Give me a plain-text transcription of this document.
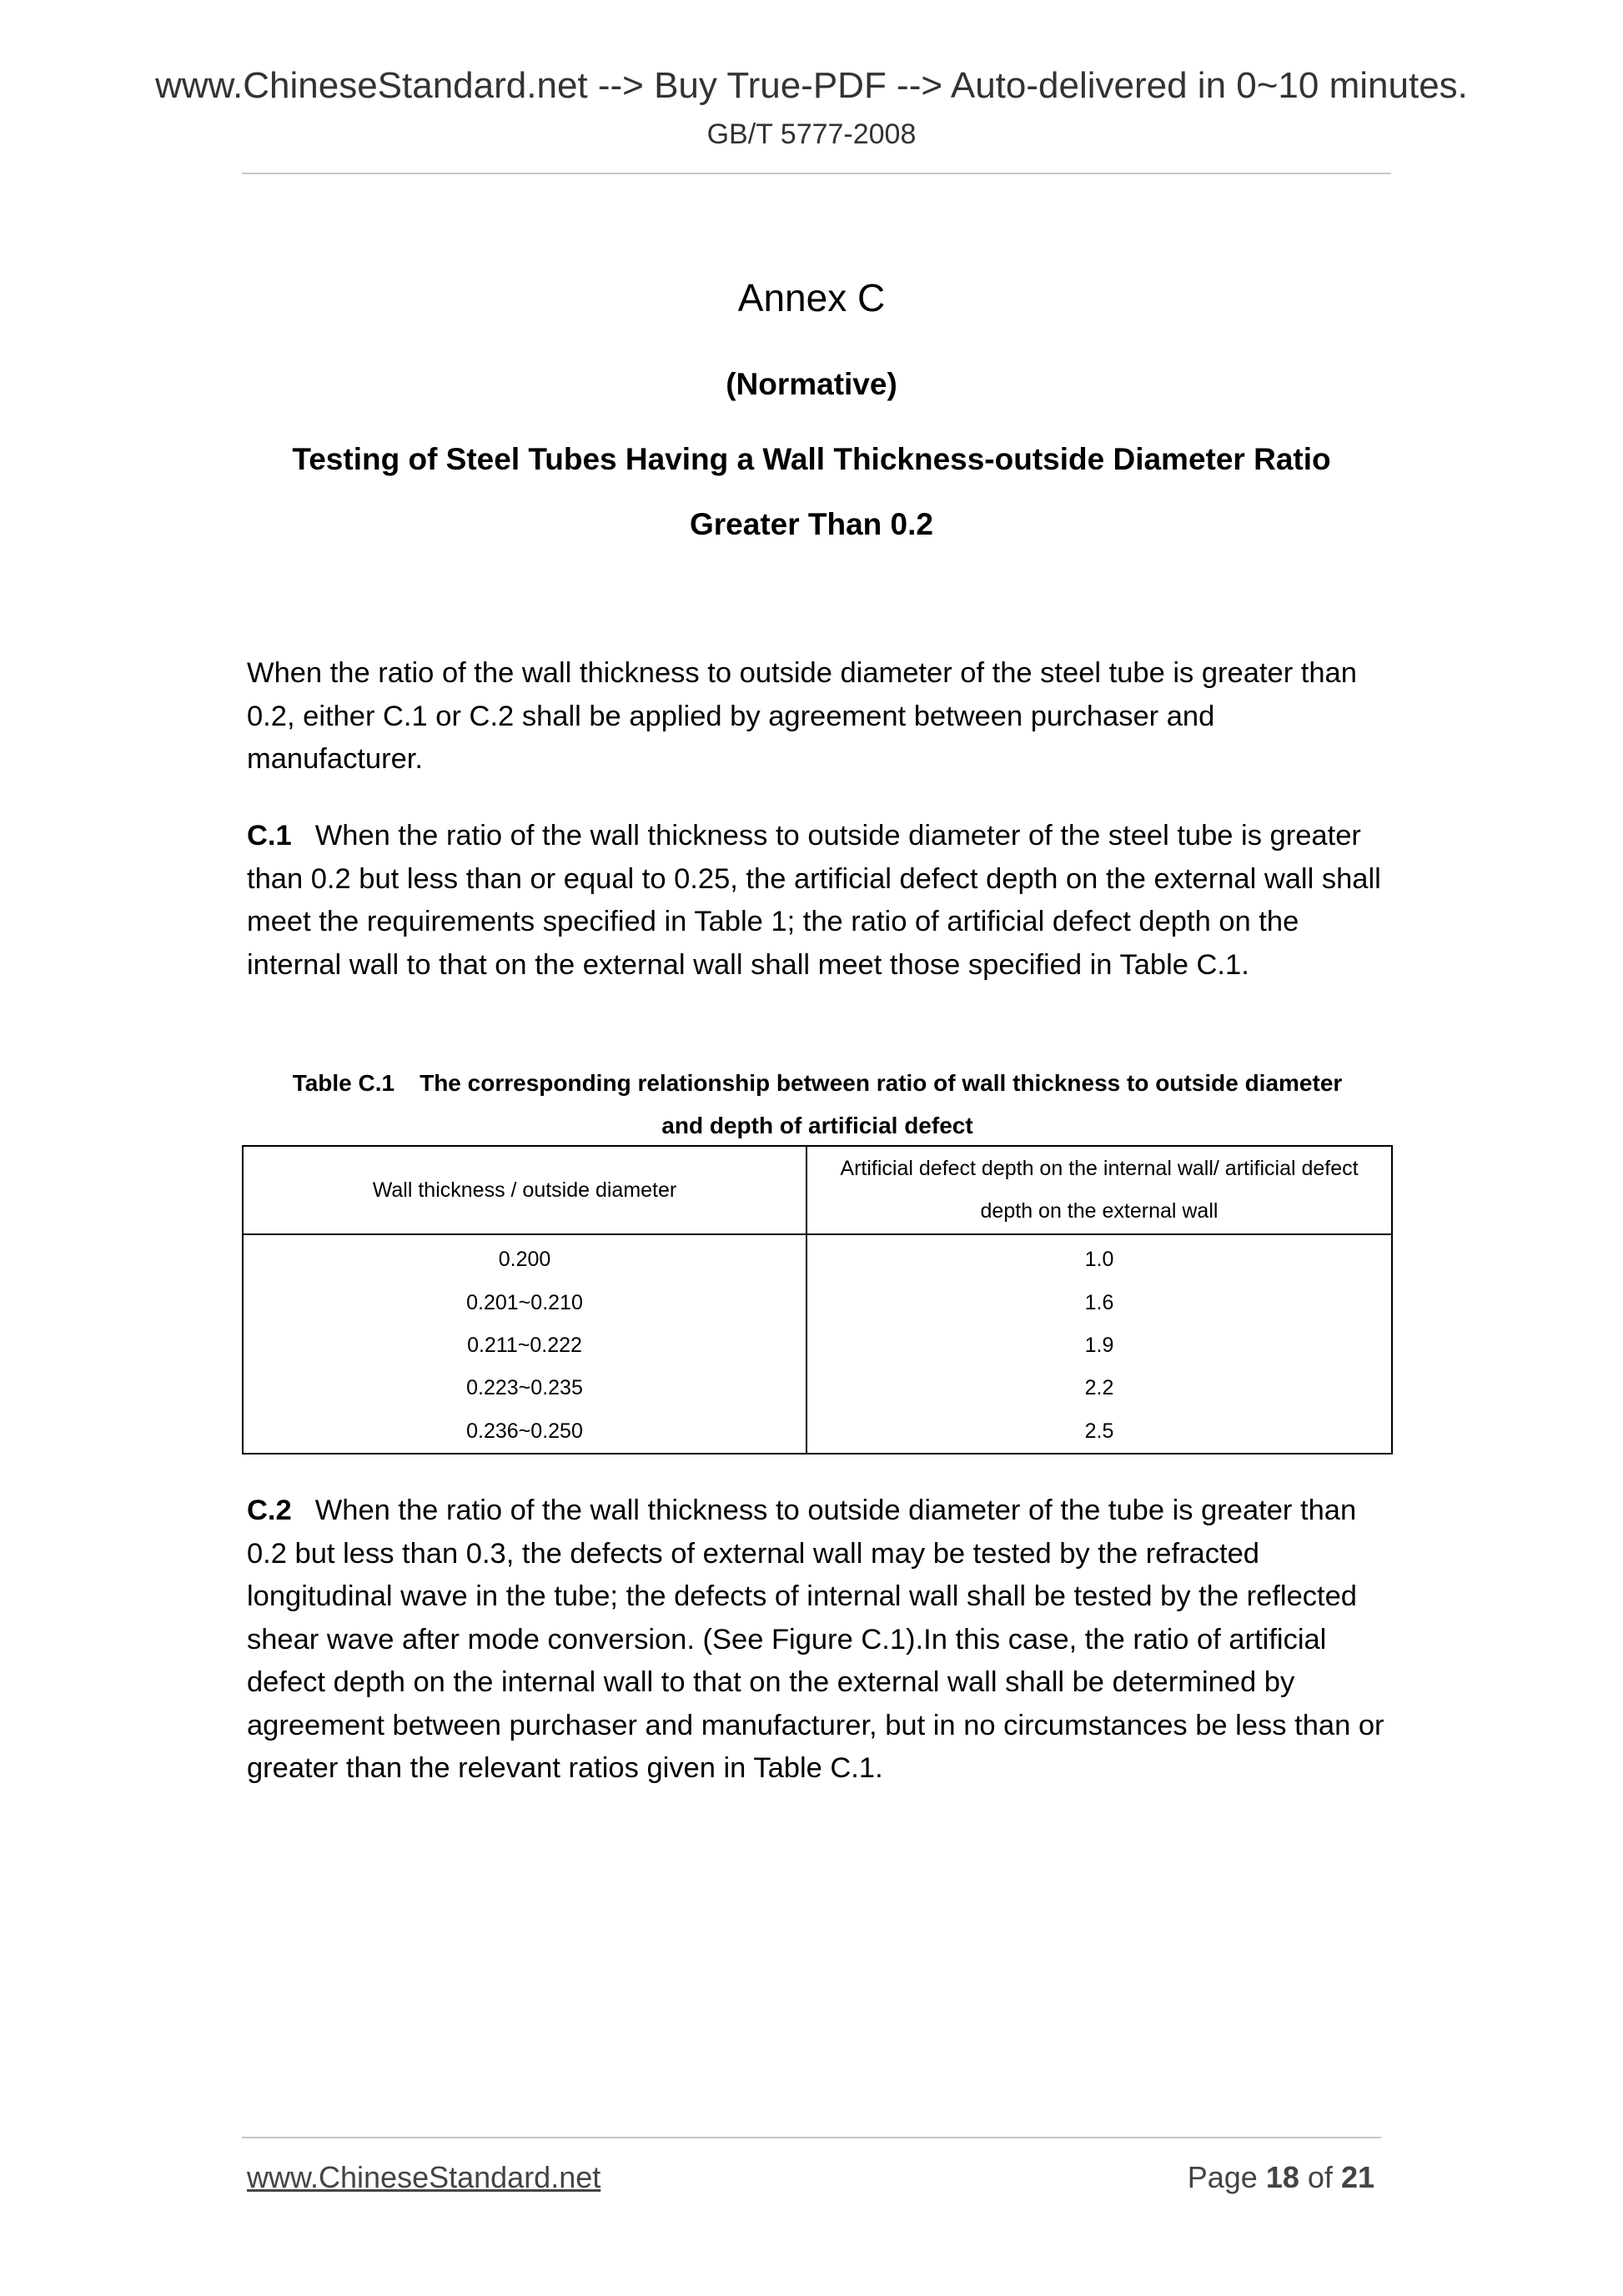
www.ChineseStandard.net --> Buy True-PDF --> Auto-delivered in 0~10 minutes.
GB/T 5777-2008
Annex C
(Normative)
Testing of Steel Tubes Having a Wall Thickness-outside Diameter Ratio
Greater Than 0.2
When the ratio of the wall thickness to outside diameter of the steel tube is greater than 0.2, either C.1 or C.2 shall be applied by agreement between purchaser and manufacturer.
C.1 When the ratio of the wall thickness to outside diameter of the steel tube is greater than 0.2 but less than or equal to 0.25, the artificial defect depth on the external wall shall meet the requirements specified in Table 1; the ratio of artificial defect depth on the internal wall to that on the external wall shall meet those specified in Table C.1.
Table C.1 The corresponding relationship between ratio of wall thickness to outside diameter
and depth of artificial defect
Wall thickness / outside diameter	Artificial defect depth on the internal wall/ artificial defect
depth on the external wall

0.200	1.0
0.201~0.210	1.6
0.211~0.222	1.9
0.223~0.235	2.2
0.236~0.250	2.5
C.2 When the ratio of the wall thickness to outside diameter of the tube is greater than 0.2 but less than 0.3, the defects of external wall may be tested by the refracted longitudinal wave in the tube; the defects of internal wall shall be tested by the reflected shear wave after mode conversion. (See Figure C.1).In this case, the ratio of artificial defect depth on the internal wall to that on the external wall shall be determined by agreement between purchaser and manufacturer, but in no circumstances be less than or greater than the relevant ratios given in Table C.1.
www.ChineseStandard.net	Page 18 of 21
